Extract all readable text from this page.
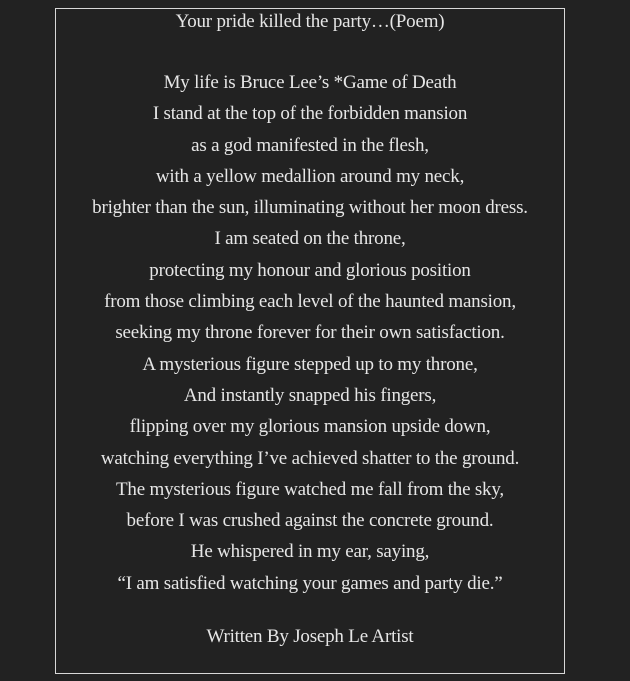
Your pride killed the party…(Poem)
My life is Bruce Lee’s *Game of Death
I stand at the top of the forbidden mansion
as a god manifested in the flesh,
with a yellow medallion around my neck,
brighter than the sun, illuminating without her moon dress.
I am seated on the throne,
protecting my honour and glorious position
from those climbing each level of the haunted mansion,
seeking my throne forever for their own satisfaction.
A mysterious figure stepped up to my throne,
And instantly snapped his fingers,
flipping over my glorious mansion upside down,
watching everything I’ve achieved shatter to the ground.
The mysterious figure watched me fall from the sky,
before I was crushed against the concrete ground.
He whispered in my ear, saying,
“I am satisfied watching your games and party die.”
Written By Joseph Le Artist
